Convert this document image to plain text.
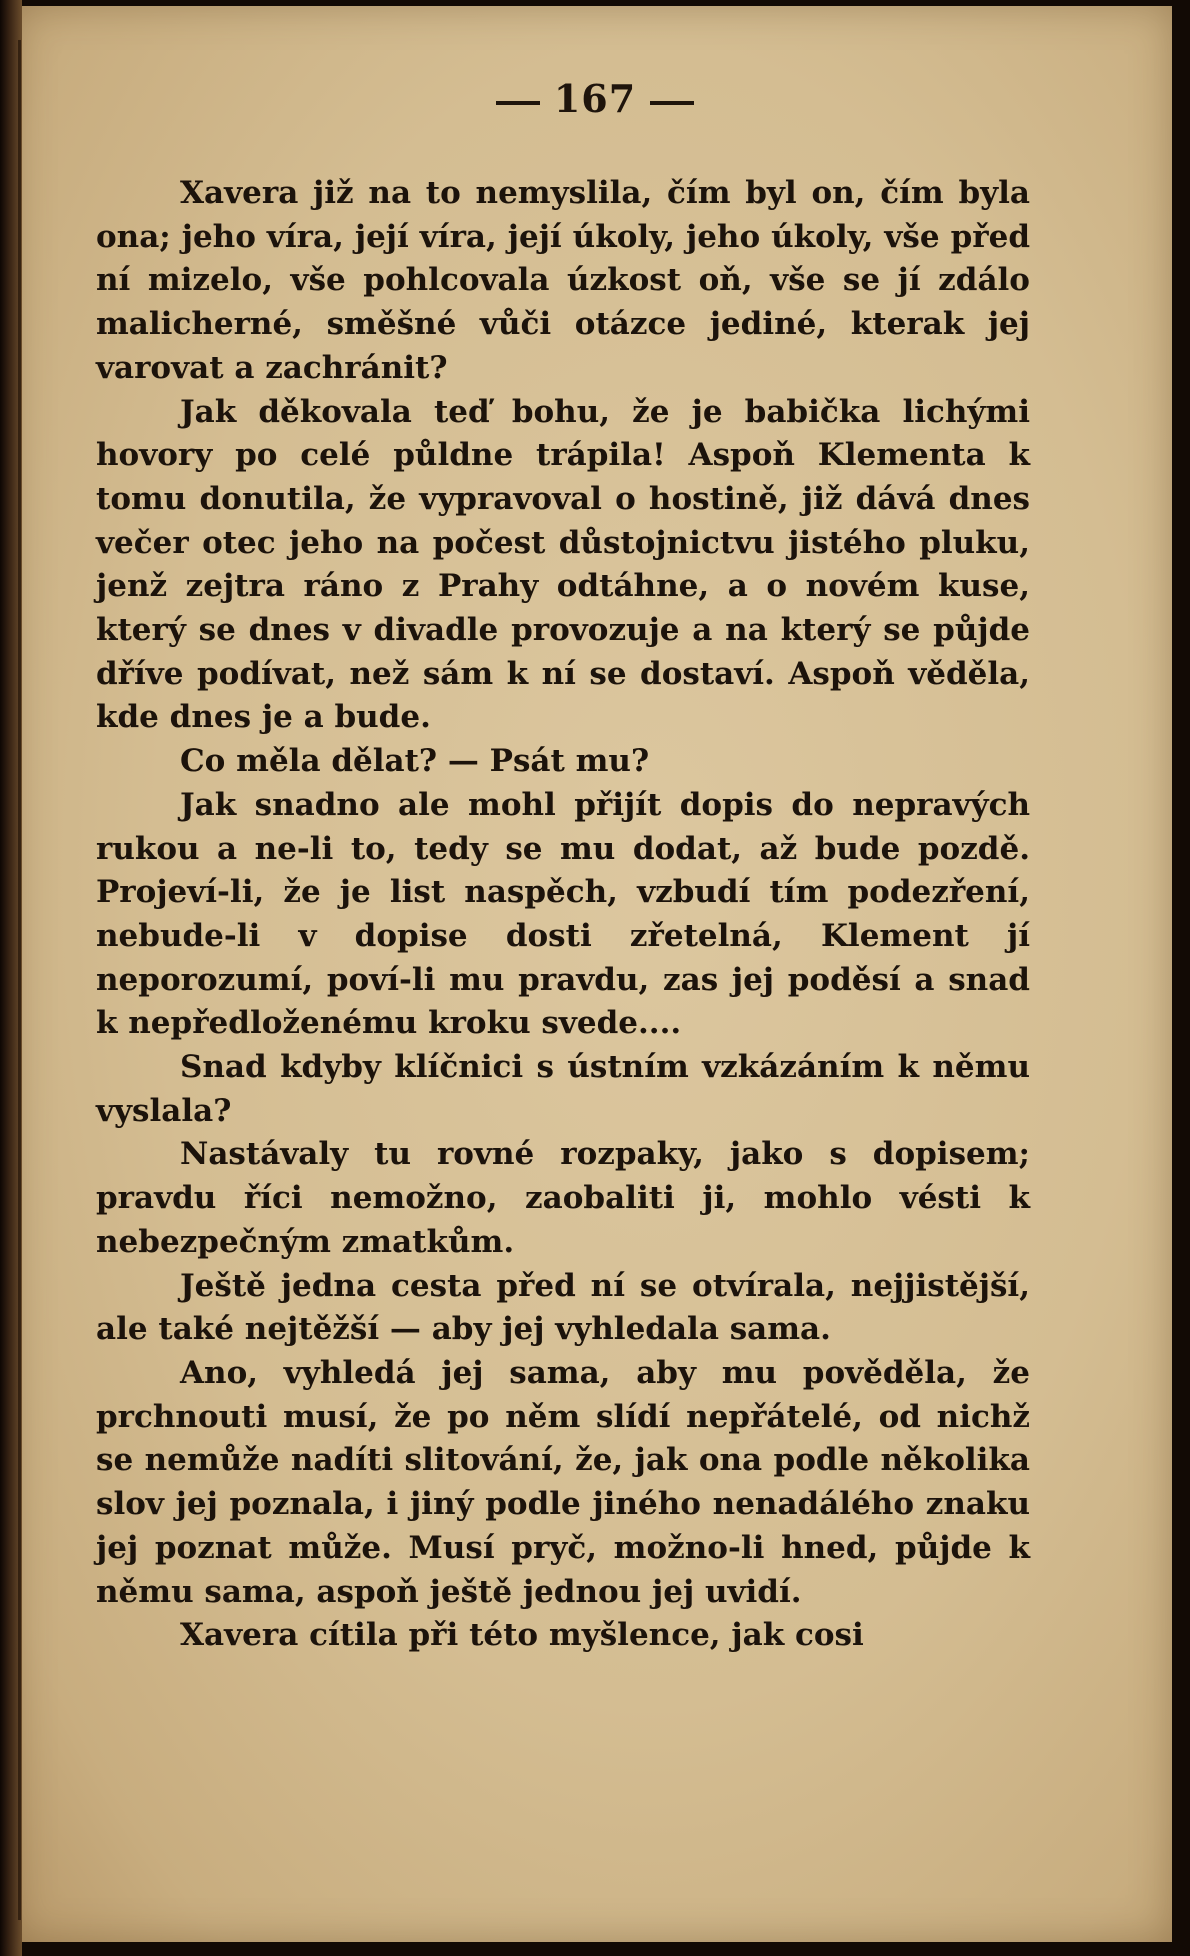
167

Xavera již na to nemyslila, čím byl on, čím byla ona; jeho víra, její víra, její úkoly, jeho úkoly, vše před ní mizelo, vše pohlcovala úzkost oň, vše se jí zdálo malicherné, směšné vůči otázce jediné, kterak jej varovat a zachránit?

Jak děkovala teď bohu, že je babička lichými hovory po celé půldne trápila! Aspoň Klementa k tomu donutila, že vypravoval o hostině, již dává dnes večer otec jeho na počest důstojnictvu jistého pluku, jenž zejtra ráno z Prahy odtáhne, a o novém kuse, který se dnes v divadle provozuje a na který se půjde dříve podívat, než sám k ní se dostaví. Aspoň věděla, kde dnes je a bude.

Co měla dělat? — Psát mu?

Jak snadno ale mohl přijít dopis do nepravých rukou a ne-li to, tedy se mu dodat, až bude pozdě. Projeví-li, že je list naspěch, vzbudí tím podezření, nebude-li v dopise dosti zřetelná, Klement jí neporozumí, poví-li mu pravdu, zas jej poděsí a snad k nepředloženému kroku svede....

Snad kdyby klíčnici s ústním vzkázáním k němu vyslala?

Nastávaly tu rovné rozpaky, jako s dopisem; pravdu říci nemožno, zaobaliti ji, mohlo vésti k nebezpečným zmatkům.

Ještě jedna cesta před ní se otvírala, nejjistější, ale také nejtěžší — aby jej vyhledala sama.

Ano, vyhledá jej sama, aby mu pověděla, že prchnouti musí, že po něm slídí nepřátelé, od nichž se nemůže nadíti slitování, že, jak ona podle několika slov jej poznala, i jiný podle jiného nenadálého znaku jej poznat může. Musí pryč, možno-li hned, půjde k němu sama, aspoň ještě jednou jej uvidí.

Xavera cítila při této myšlence, jak cosi
